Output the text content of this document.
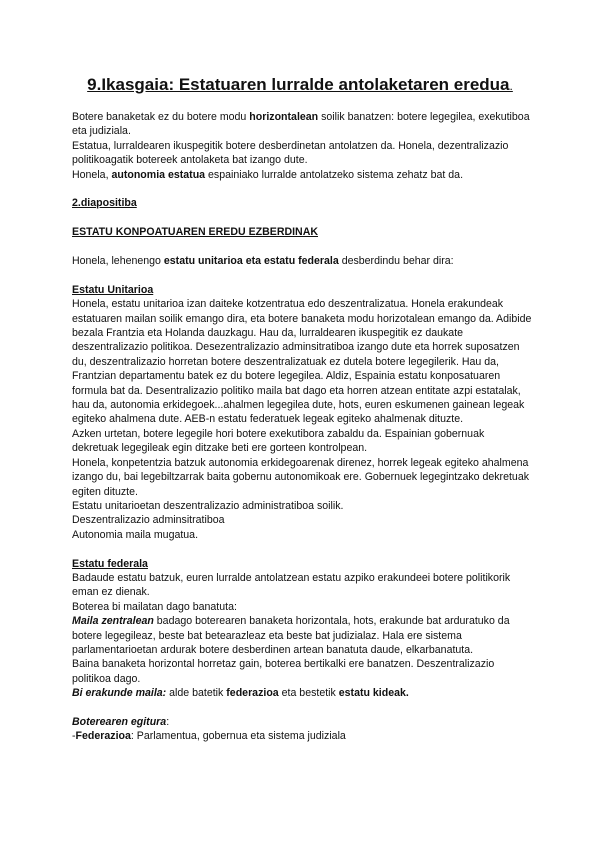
9.Ikasgaia: Estatuaren lurralde antolaketaren eredua.

Botere banaketak ez du botere modu horizontalean soilik banatzen: botere legegilea, exekutiboa eta judiziala.

Estatua, lurraldearen ikuspegitik botere desberdinetan antolatzen da. Honela, dezentralizazio politikoagatik botereek antolaketa bat izango dute.

Honela, autonomia estatua espainiako lurralde antolatzeko sistema zehatz bat da.

2.diapositiba

ESTATU KONPOATUAREN EREDU EZBERDINAK

Honela, lehenengo estatu unitarioa eta estatu federala desberdindu behar dira:

Estatu Unitarioa

Honela, estatu unitarioa izan daiteke kotzentratua edo deszentralizatua. Honela erakundeak estatuaren mailan soilik emango dira, eta botere banaketa modu horizotalean emango da. Adibide bezala Frantzia eta Holanda dauzkagu. Hau da, lurraldearen ikuspegitik ez daukate deszentralizazio politikoa. Desezentralizazio adminsitratiboa izango dute eta horrek suposatzen du, deszentralizazio horretan botere deszentralizatuak ez dutela botere legegilerik. Hau da, Frantzian departamentu batek ez du botere legegilea. Aldiz, Espainia estatu konposatuaren formula bat da. Desentralizazio politiko maila bat dago eta horren atzean entitate azpi estatalak, hau da, autonomia erkidegoek...ahalmen legegilea dute, hots, euren eskumenen gainean legeak egiteko ahalmena dute. AEB-n estatu federatuek legeak egiteko ahalmenak dituzte.

Azken urtetan, botere legegile hori botere exekutibora zabaldu da. Espainian gobernuak dekretuak legegileak egin ditzake beti ere gorteen kontrolpean.

Honela, konpetentzia batzuk autonomia erkidegoarenak direnez, horrek legeak egiteko ahalmena izango du, bai legebiltzarrak baita gobernu autonomikoak ere. Gobernuek legegintzako dekretuak egiten dituzte.

Estatu unitarioetan deszentralizazio administratiboa soilik.

Deszentralizazio adminsitratiboa

Autonomia maila mugatua.

Estatu federala

Badaude estatu batzuk, euren lurralde antolatzean estatu azpiko erakundeei botere politikorik eman ez dienak.

Boterea bi mailatan dago banatuta:

Maila zentralean badago boterearen banaketa horizontala, hots, erakunde bat arduratuko da botere legegileaz, beste bat betearazleaz eta beste bat judizialaz. Hala ere sistema parlamentarioetan ardurak botere desberdinen artean banatuta daude, elkarbanatuta.

Baina banaketa horizontal horretaz gain, boterea bertikalki ere banatzen. Deszentralizazio politikoa dago.

Bi erakunde maila: alde batetik federazioa eta bestetik estatu kideak.

Boterearen egitura:

-Federazioa: Parlamentua, gobernua eta sistema judiziala
